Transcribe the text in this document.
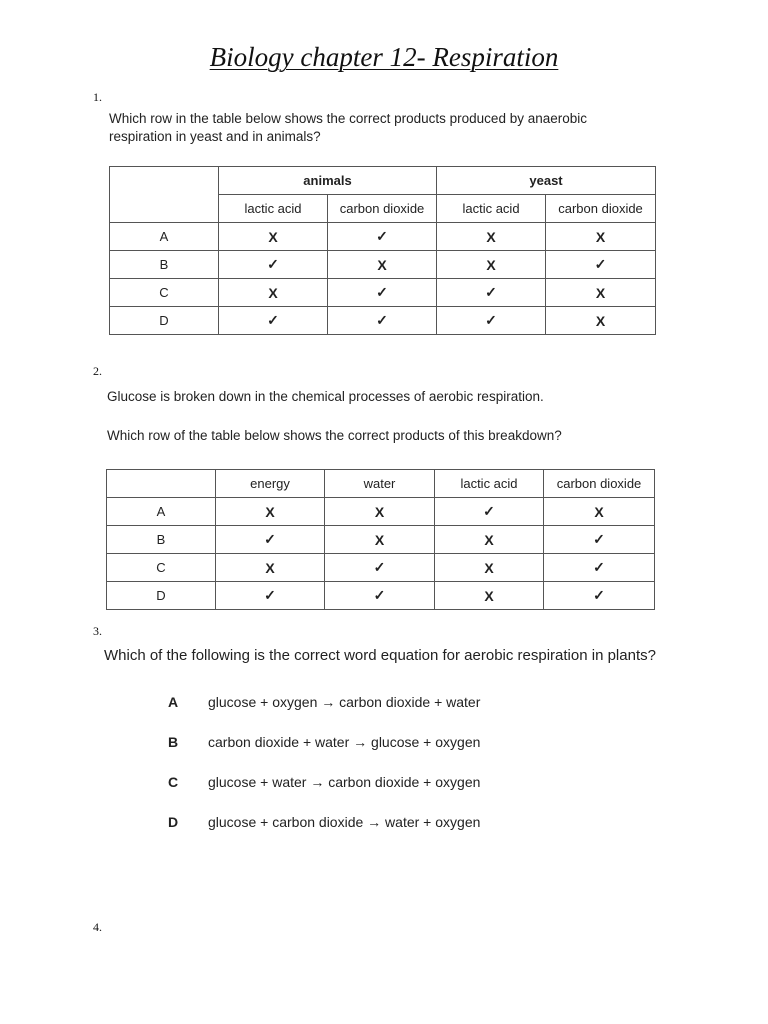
Biology chapter 12- Respiration
1.
Which row in the table below shows the correct products produced by anaerobic
respiration in yeast and in animals?
	animals		yeast	
	lactic acid	carbon dioxide	lactic acid	carbon dioxide
A	X	✓	X	X
B	✓	X	X	✓
C	X	✓	✓	X
D	✓	✓	✓	X
2.
Glucose is broken down in the chemical processes of aerobic respiration.
Which row of the table below shows the correct products of this breakdown?
	energy	water	lactic acid	carbon dioxide
A	X	X	✓	X
B	✓	X	X	✓
C	X	✓	X	✓
D	✓	✓	X	✓
3.
Which of the following is the correct word equation for aerobic respiration in plants?
A glucose + oxygen → carbon dioxide + water
B carbon dioxide + water → glucose + oxygen
C glucose + water → carbon dioxide + oxygen
D glucose + carbon dioxide → water + oxygen
4.
